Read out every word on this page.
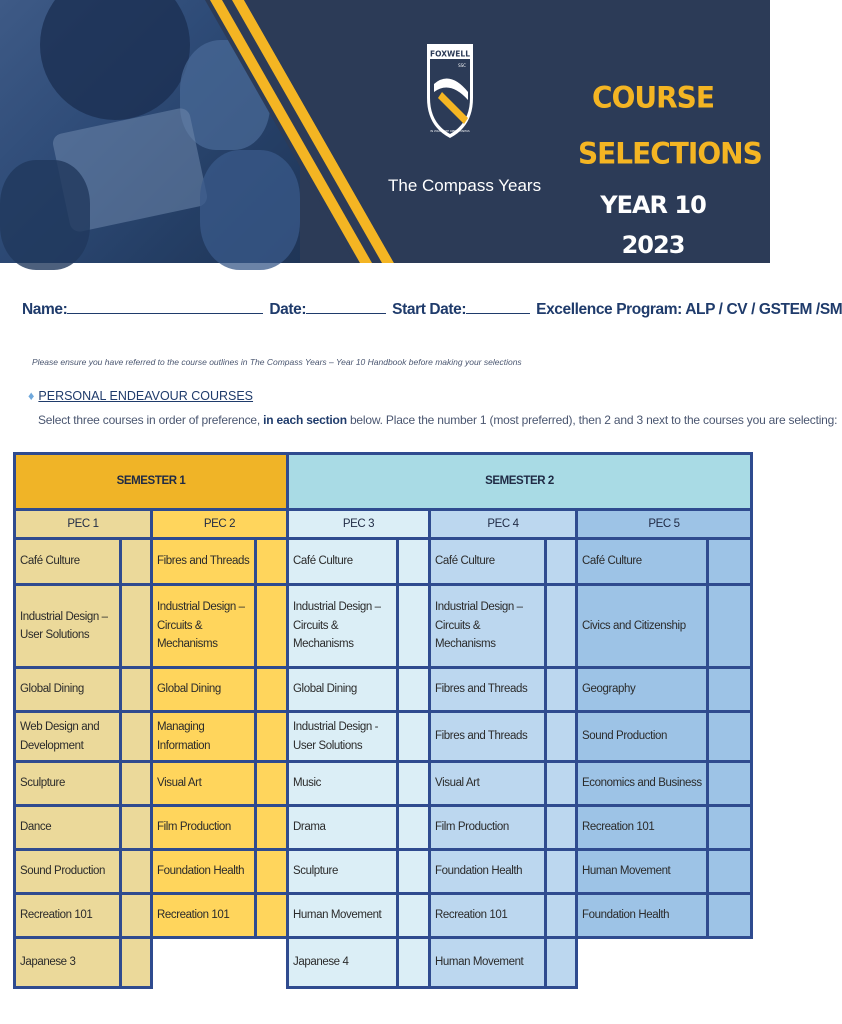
FOXWELL
SSC
IN VOLUNTATE OPPORTUNITAS
The Compass Years
COURSE
SELECTIONS
YEAR 10 2023
Name:	Date:	Start Date:	Excellence Program: ALP / CV / GSTEM /SM
Please ensure you have referred to the course outlines in The Compass Years – Year 10 Handbook before making your selections
♦ PERSONAL ENDEAVOUR COURSES
Select three courses in order of preference, in each section below. Place the number 1 (most preferred), then 2 and 3 next to the courses you are selecting:
SEMESTER 1				SEMESTER 2					
PEC 1		PEC 2		PEC 3		PEC 4		PEC 5	
Café Culture		Fibres and Threads		Café Culture		Café Culture		Café Culture	
Industrial Design – User Solutions		Industrial Design – Circuits & Mechanisms		Industrial Design – Circuits & Mechanisms		Industrial Design – Circuits & Mechanisms		Civics and Citizenship	
Global Dining		Global Dining		Global Dining		Fibres and Threads		Geography	
Web Design and Development		Managing Information		Industrial Design - User Solutions		Fibres and Threads		Sound Production	
Sculpture		Visual Art		Music		Visual Art		Economics and Business	
Dance		Film Production		Drama		Film Production		Recreation 101	
Sound Production		Foundation Health		Sculpture		Foundation Health		Human Movement	
Recreation 101		Recreation 101		Human Movement		Recreation 101		Foundation Health	
Japanese 3				Japanese 4		Human Movement			
